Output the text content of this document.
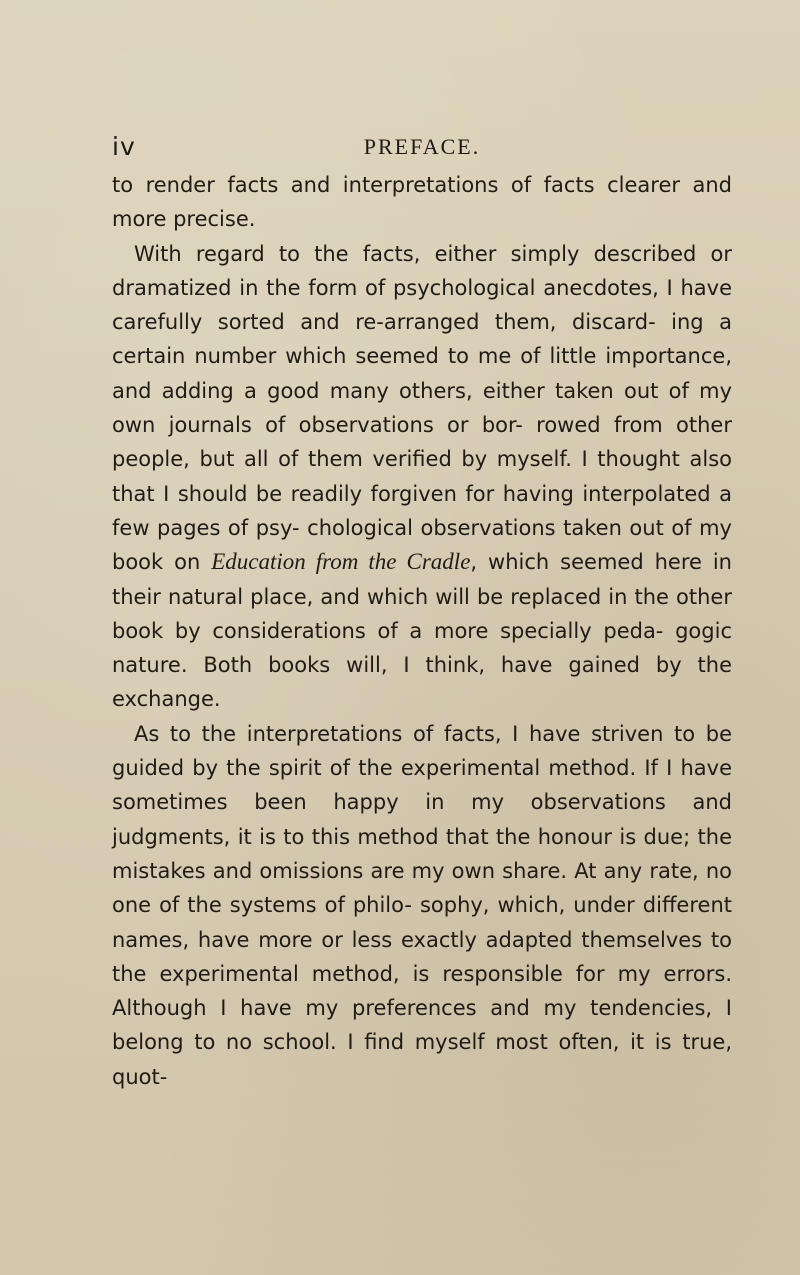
iv	PREFACE.

to render facts and interpretations of facts clearer and more precise.

With regard to the facts, either simply described or dramatized in the form of psychological anecdotes, I have carefully sorted and re-arranged them, discard- ing a certain number which seemed to me of little importance, and adding a good many others, either taken out of my own journals of observations or bor- rowed from other people, but all of them verified by myself. I thought also that I should be readily forgiven for having interpolated a few pages of psy- chological observations taken out of my book on Education from the Cradle, which seemed here in their natural place, and which will be replaced in the other book by considerations of a more specially peda- gogic nature. Both books will, I think, have gained by the exchange.

As to the interpretations of facts, I have striven to be guided by the spirit of the experimental method. If I have sometimes been happy in my observations and judgments, it is to this method that the honour is due; the mistakes and omissions are my own share. At any rate, no one of the systems of philo- sophy, which, under different names, have more or less exactly adapted themselves to the experimental method, is responsible for my errors. Although I have my preferences and my tendencies, I belong to no school. I find myself most often, it is true, quot-
